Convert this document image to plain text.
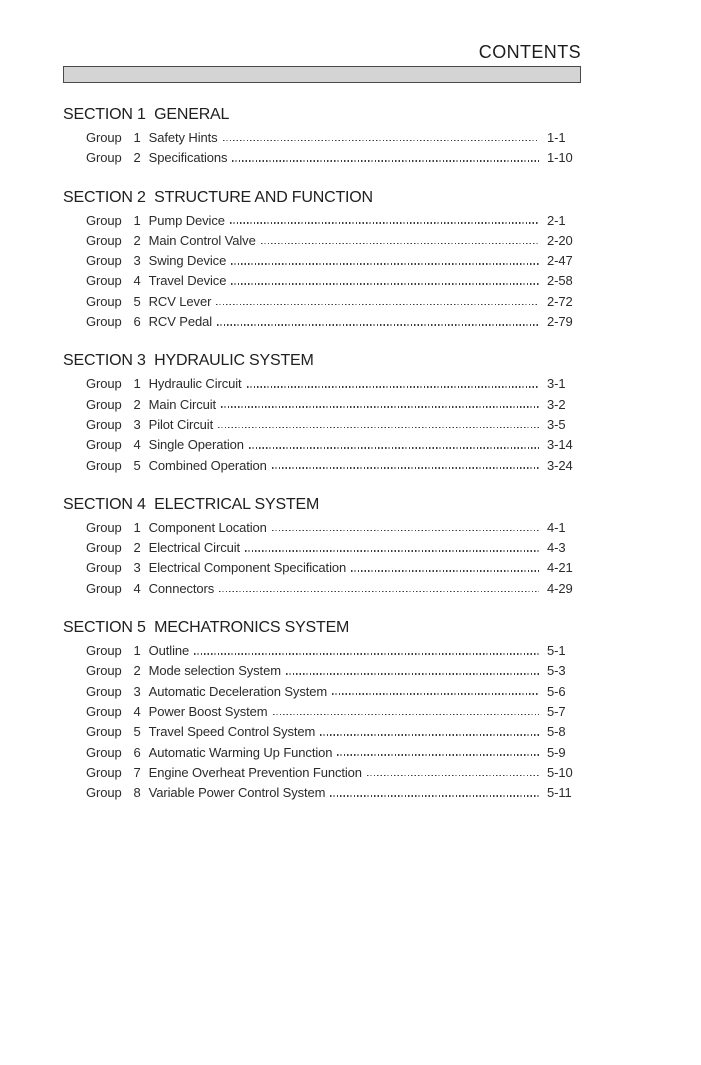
CONTENTS
SECTION 1  GENERAL
Group 1 Safety Hints	1-1
Group 2 Specifications	1-10
SECTION 2  STRUCTURE AND FUNCTION
Group 1 Pump Device	2-1
Group 2 Main Control Valve	2-20
Group 3 Swing Device	2-47
Group 4 Travel Device	2-58
Group 5 RCV Lever	2-72
Group 6 RCV Pedal	2-79
SECTION 3  HYDRAULIC SYSTEM
Group 1 Hydraulic Circuit	3-1
Group 2 Main Circuit	3-2
Group 3 Pilot Circuit	3-5
Group 4 Single Operation	3-14
Group 5 Combined Operation	3-24
SECTION 4  ELECTRICAL SYSTEM
Group 1 Component Location	4-1
Group 2 Electrical Circuit	4-3
Group 3 Electrical Component Specification	4-21
Group 4 Connectors	4-29
SECTION 5  MECHATRONICS SYSTEM
Group 1 Outline	5-1
Group 2 Mode selection System	5-3
Group 3 Automatic Deceleration System	5-6
Group 4 Power Boost System	5-7
Group 5 Travel Speed Control System	5-8
Group 6 Automatic Warming Up Function	5-9
Group 7 Engine Overheat Prevention Function	5-10
Group 8 Variable Power Control System	5-11
